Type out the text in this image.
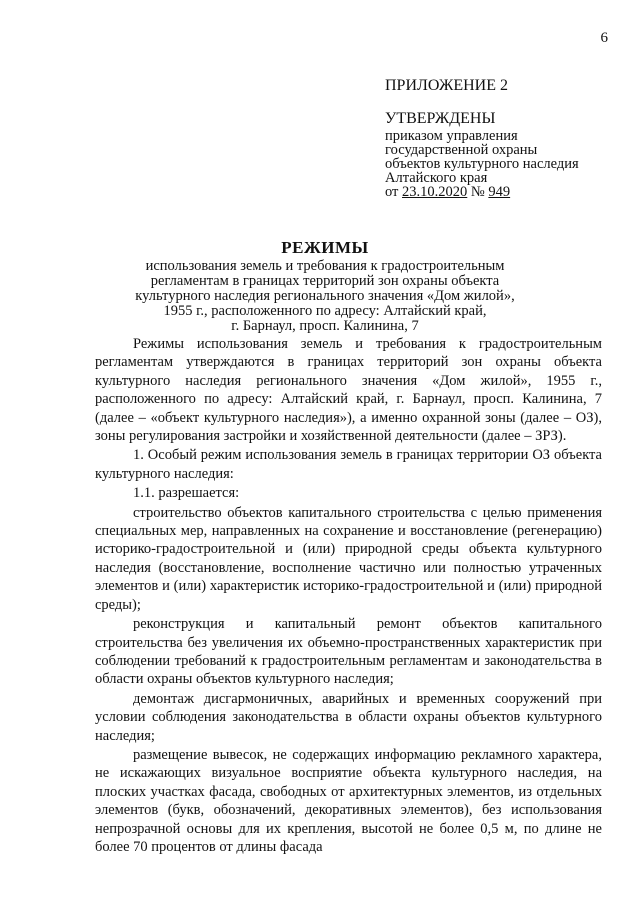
6
ПРИЛОЖЕНИЕ 2
УТВЕРЖДЕНЫ
приказом управления
государственной охраны
объектов культурного наследия
Алтайского края
от 23.10.2020 № 949
РЕЖИМЫ
использования земель и требования к градостроительным
регламентам в границах территорий зон охраны объекта
культурного наследия регионального значения «Дом жилой»,
1955 г., расположенного по адресу: Алтайский край,
г. Барнаул, просп. Калинина, 7

Режимы использования земель и требования к градостроительным регламентам утверждаются в границах территорий зон охраны объекта культурного наследия регионального значения «Дом жилой», 1955 г., расположенного по адресу: Алтайский край, г. Барнаул, просп. Калинина, 7 (далее – «объект культурного наследия»), а именно охранной зоны (далее – ОЗ), зоны регулирования застройки и хозяйственной деятельности (далее – ЗРЗ).

1. Особый режим использования земель в границах территории ОЗ объекта культурного наследия:

1.1. разрешается:

строительство объектов капитального строительства с целью применения специальных мер, направленных на сохранение и восстановление (регенерацию) историко-градостроительной и (или) природной среды объекта культурного наследия (восстановление, восполнение частично или полностью утраченных элементов и (или) характеристик историко-градостроительной и (или) природной среды);

реконструкция и капитальный ремонт объектов капитального строительства без увеличения их объемно-пространственных характеристик при соблюдении требований к градостроительным регламентам и законодательства в области охраны объектов культурного наследия;

демонтаж дисгармоничных, аварийных и временных сооружений при условии соблюдения законодательства в области охраны объектов культурного наследия;

размещение вывесок, не содержащих информацию рекламного характера, не искажающих визуальное восприятие объекта культурного наследия, на плоских участках фасада, свободных от архитектурных элементов, из отдельных элементов (букв, обозначений, декоративных элементов), без использования непрозрачной основы для их крепления, высотой не более 0,5 м, по длине не более 70 процентов от длины фасада
